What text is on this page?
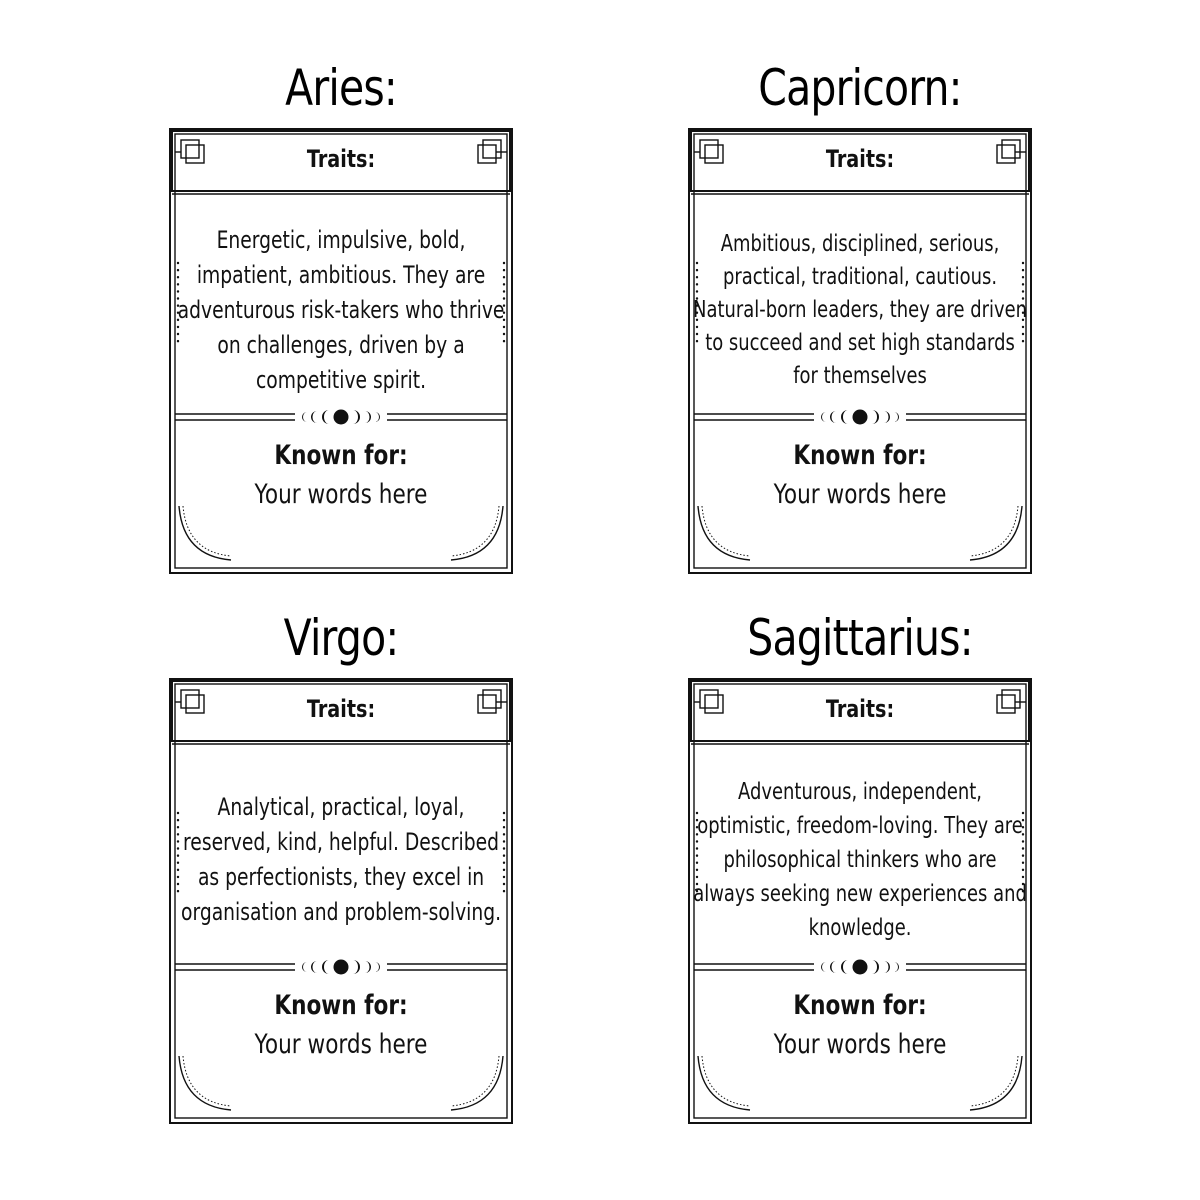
Aries:
Traits:
Energetic, impulsive, bold, impatient, ambitious. They are adventurous risk-takers who thrive on challenges, driven by a competitive spirit.
Known for:
Your words here
Capricorn:
Traits:
Ambitious, disciplined, serious, practical, traditional, cautious. Natural-born leaders, they are driven to succeed and set high standards for themselves
Known for:
Your words here
Virgo:
Traits:
Analytical, practical, loyal, reserved, kind, helpful. Described as perfectionists, they excel in organisation and problem-solving.
Known for:
Your words here
Sagittarius:
Traits:
Adventurous, independent, optimistic, freedom-loving. They are philosophical thinkers who are always seeking new experiences and knowledge.
Known for:
Your words here
